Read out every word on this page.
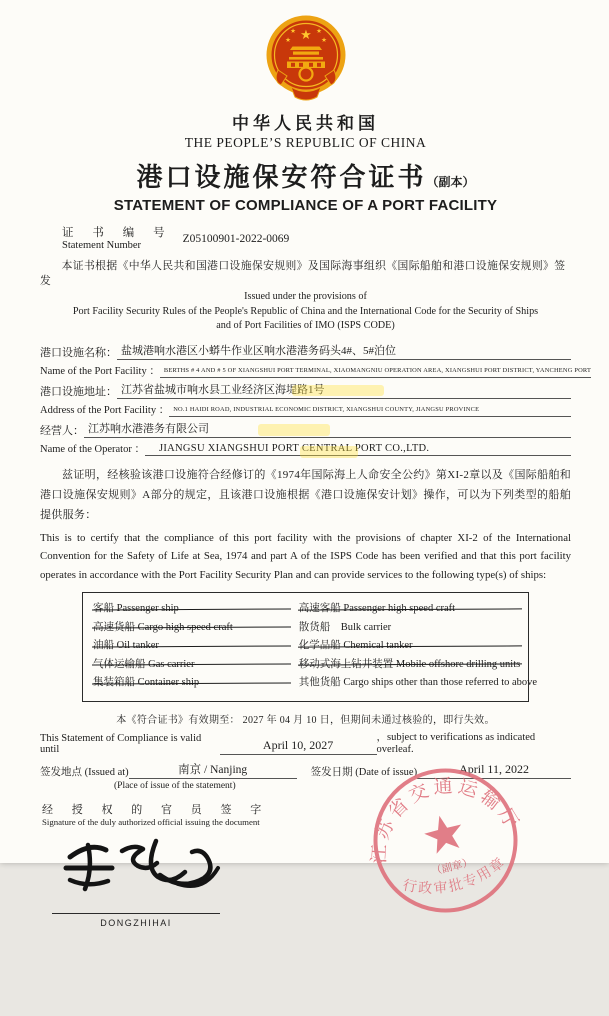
★
★	★
★	★
中华人民共和国
THE PEOPLE’S REPUBLIC OF CHINA
港口设施保安符合证书（副本）
STATEMENT OF COMPLIANCE OF A PORT FACILITY
证 书 编 号
Statement Number
Z05100901-2022-0069
本证书根据《中华人民共和国港口设施保安规则》及国际海事组织《国际船舶和港口设施保安规则》签发
Issued under the provisions of
Port Facility Security Rules of the People's Republic of China and the International Code for the Security of Ships
and of Port Facilities of IMO (ISPS CODE)
港口设施名称： 盐城港响水港区小蟒牛作业区响水港港务码头4#、5#泊位
Name of the Port Facility ： BERTHS # 4 AND # 5 OF XIANGSHUI PORT TERMINAL, XIAOMANGNIU OPERATION AREA, XIANGSHUI PORT DISTRICT, YANCHENG PORT
港口设施地址： 江苏省盐城市响水县工业经济区海堤路1号
Address of the Port Facility ： NO.1 HAIDI ROAD, INDUSTRIAL ECONOMIC DISTRICT, XIANGSHUI COUNTY, JIANGSU PROVINCE
经营人： 江苏响水港港务有限公司
Name of the Operator ：	JIANGSU XIANGSHUI PORT CENTRAL PORT CO.,LTD.
兹证明，经核验该港口设施符合经修订的《1974年国际海上人命安全公约》第XI-2章以及《国际船舶和港口设施保安规则》A部分的规定，且该港口设施根据《港口设施保安计划》操作，可以为下列类型的船舶提供服务：
This is to certify that the compliance of this port facility with the provisions of chapter XI-2 of the International Convention for the Safety of Life at Sea, 1974 and part A of the ISPS Code has been verified and that this port facility operates in accordance with the Port Facility Security Plan and can provide services to the following type(s) of ships:
客船 Passenger ship	高速客船 Passenger high speed craft
高速货船 Cargo high speed craft	散货船　Bulk carrier
油船 Oil tanker	化学品船 Chemical tanker
气体运输船 Gas carrier	移动式海上钻井装置 Mobile offshore drilling units
集装箱船 Container ship	其他货船 Cargo ships other than those referred to above
本《符合证书》有效期至： 2027 年 04 月 10 日，但期间未通过核验的，即行失效。
This Statement of Compliance is valid until	April 10, 2027
，subject to verifications as indicated overleaf.
签发地点 (Issued at)	南京 / Nanjing	签发日期 (Date of issue)	April 11, 2022
(Place of issue of the statement)
经 授 权 的 官 员 签 字
Signature of the duly authorized official issuing the document
DONGZHIHAI
江苏省交通运输厅
（副章）
行政审批专用章
